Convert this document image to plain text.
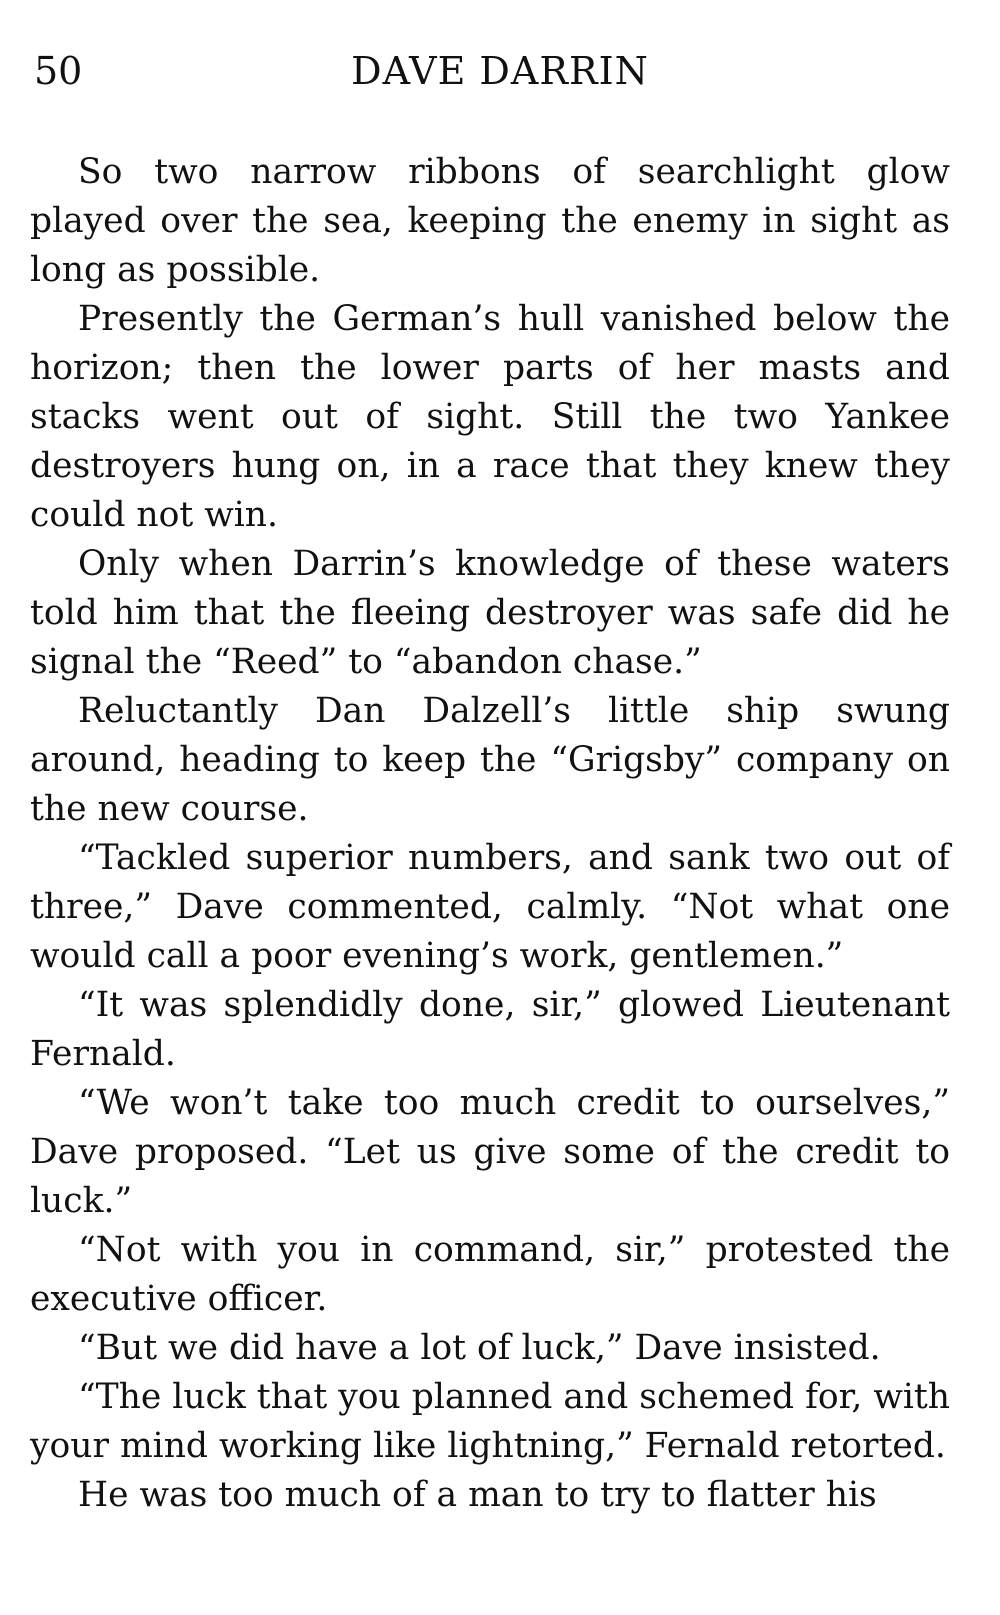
50	DAVE DARRIN

So two narrow ribbons of searchlight glow played over the sea, keeping the enemy in sight as long as possible.

Presently the German’s hull vanished below the horizon; then the lower parts of her masts and stacks went out of sight. Still the two Yankee destroyers hung on, in a race that they knew they could not win.

Only when Darrin’s knowledge of these waters told him that the fleeing destroyer was safe did he signal the “Reed” to “abandon chase.”

Reluctantly Dan Dalzell’s little ship swung around, heading to keep the “Grigsby” company on the new course.

“Tackled superior numbers, and sank two out of three,” Dave commented, calmly. “Not what one would call a poor evening’s work, gentlemen.”

“It was splendidly done, sir,” glowed Lieutenant Fernald.

“We won’t take too much credit to ourselves,” Dave proposed. “Let us give some of the credit to luck.”

“Not with you in command, sir,” protested the executive officer.

“But we did have a lot of luck,” Dave insisted.

“The luck that you planned and schemed for, with your mind working like lightning,” Fernald retorted.

He was too much of a man to try to flatter his
